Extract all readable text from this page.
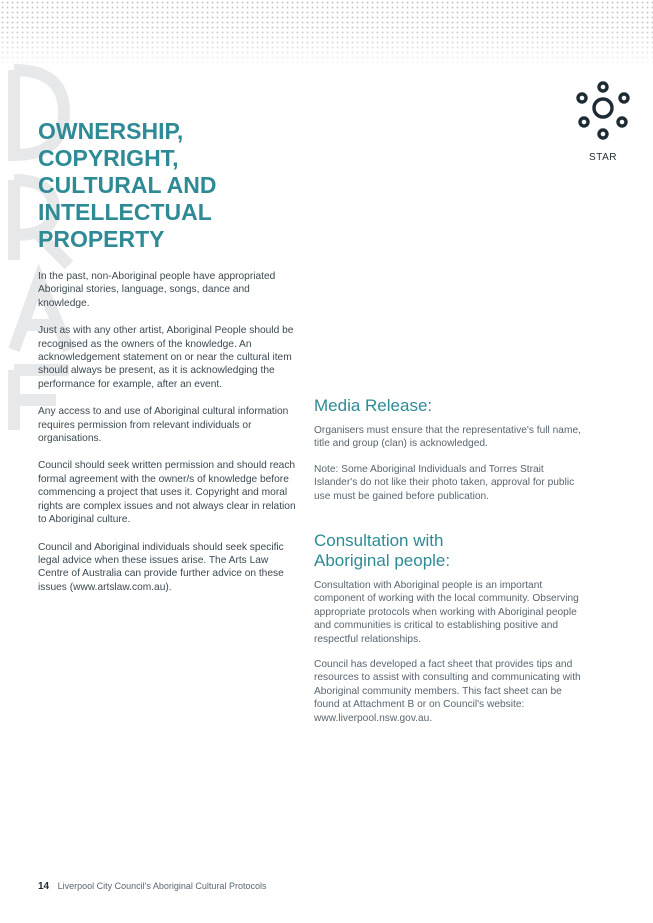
STAR
OWNERSHIP,
COPYRIGHT,
CULTURAL AND
INTELLECTUAL
PROPERTY

In the past, non-Aboriginal people have appropriated Aboriginal stories, language, songs, dance and knowledge.

Just as with any other artist, Aboriginal People should be recognised as the owners of the knowledge. An acknowledgement statement on or near the cultural item should always be present, as it is acknowledging the performance for example, after an event.

Any access to and use of Aboriginal cultural information requires permission from relevant individuals or organisations.

Council should seek written permission and should reach formal agreement with the owner/s of knowledge before commencing a project that uses it. Copyright and moral rights are complex issues and not always clear in relation to Aboriginal culture.

Council and Aboriginal individuals should seek specific legal advice when these issues arise. The Arts Law Centre of Australia can provide further advice on these issues (www.artslaw.com.au).

Media Release:

Organisers must ensure that the representative's full name, title and group (clan) is acknowledged.

Note: Some Aboriginal Individuals and Torres Strait Islander's do not like their photo taken, approval for public use must be gained before publication.

Consultation with
Aboriginal people:

Consultation with Aboriginal people is an important component of working with the local community. Observing appropriate protocols when working with Aboriginal people and communities is critical to establishing positive and respectful relationships.

Council has developed a fact sheet that provides tips and resources to assist with consulting and communicating with Aboriginal community members. This fact sheet can be found at Attachment B or on Council's website: www.liverpool.nsw.gov.au.

14 Liverpool City Council's Aboriginal Cultural Protocols
